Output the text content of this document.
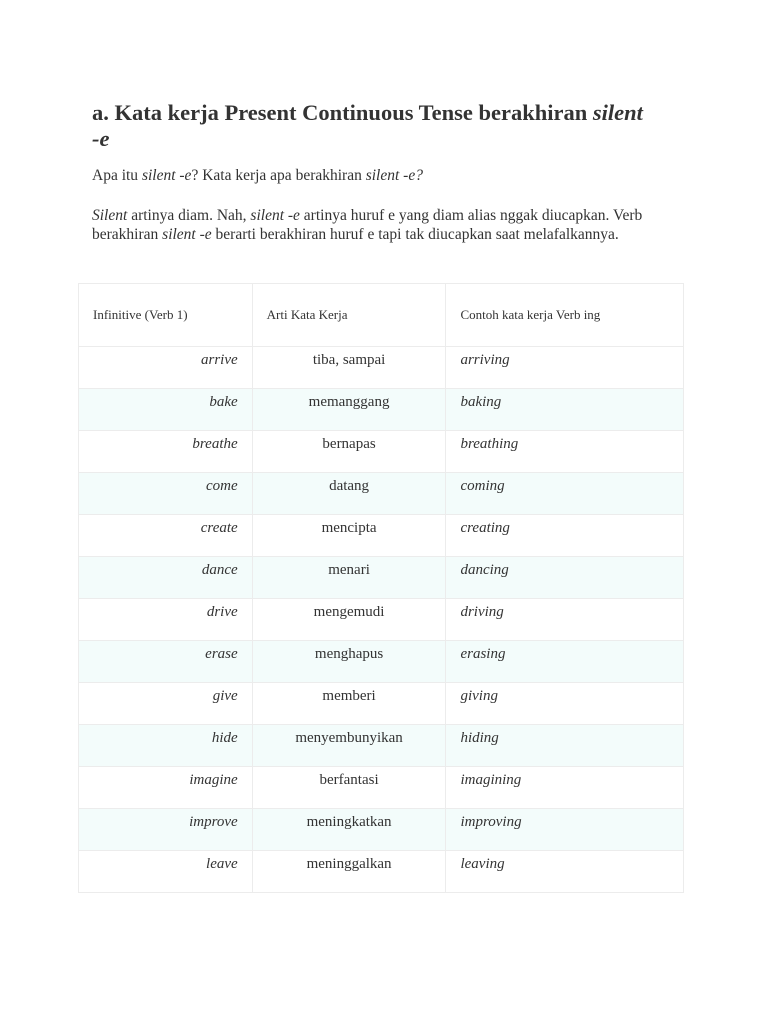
a. Kata kerja Present Continuous Tense berakhiran silent
-e

Apa itu silent -e? Kata kerja apa berakhiran silent -e?

Silent artinya diam. Nah, silent -e artinya huruf e yang diam alias nggak diucapkan. Verb berakhiran silent -e berarti berakhiran huruf e tapi tak diucapkan saat melafalkannya.

Infinitive (Verb 1)	Arti Kata Kerja	Contoh kata kerja Verb ing
arrive	tiba, sampai	arriving
bake	memanggang	baking
breathe	bernapas	breathing
come	datang	coming
create	mencipta	creating
dance	menari	dancing
drive	mengemudi	driving
erase	menghapus	erasing
give	memberi	giving
hide	menyembunyikan	hiding
imagine	berfantasi	imagining
improve	meningkatkan	improving
leave	meninggalkan	leaving
